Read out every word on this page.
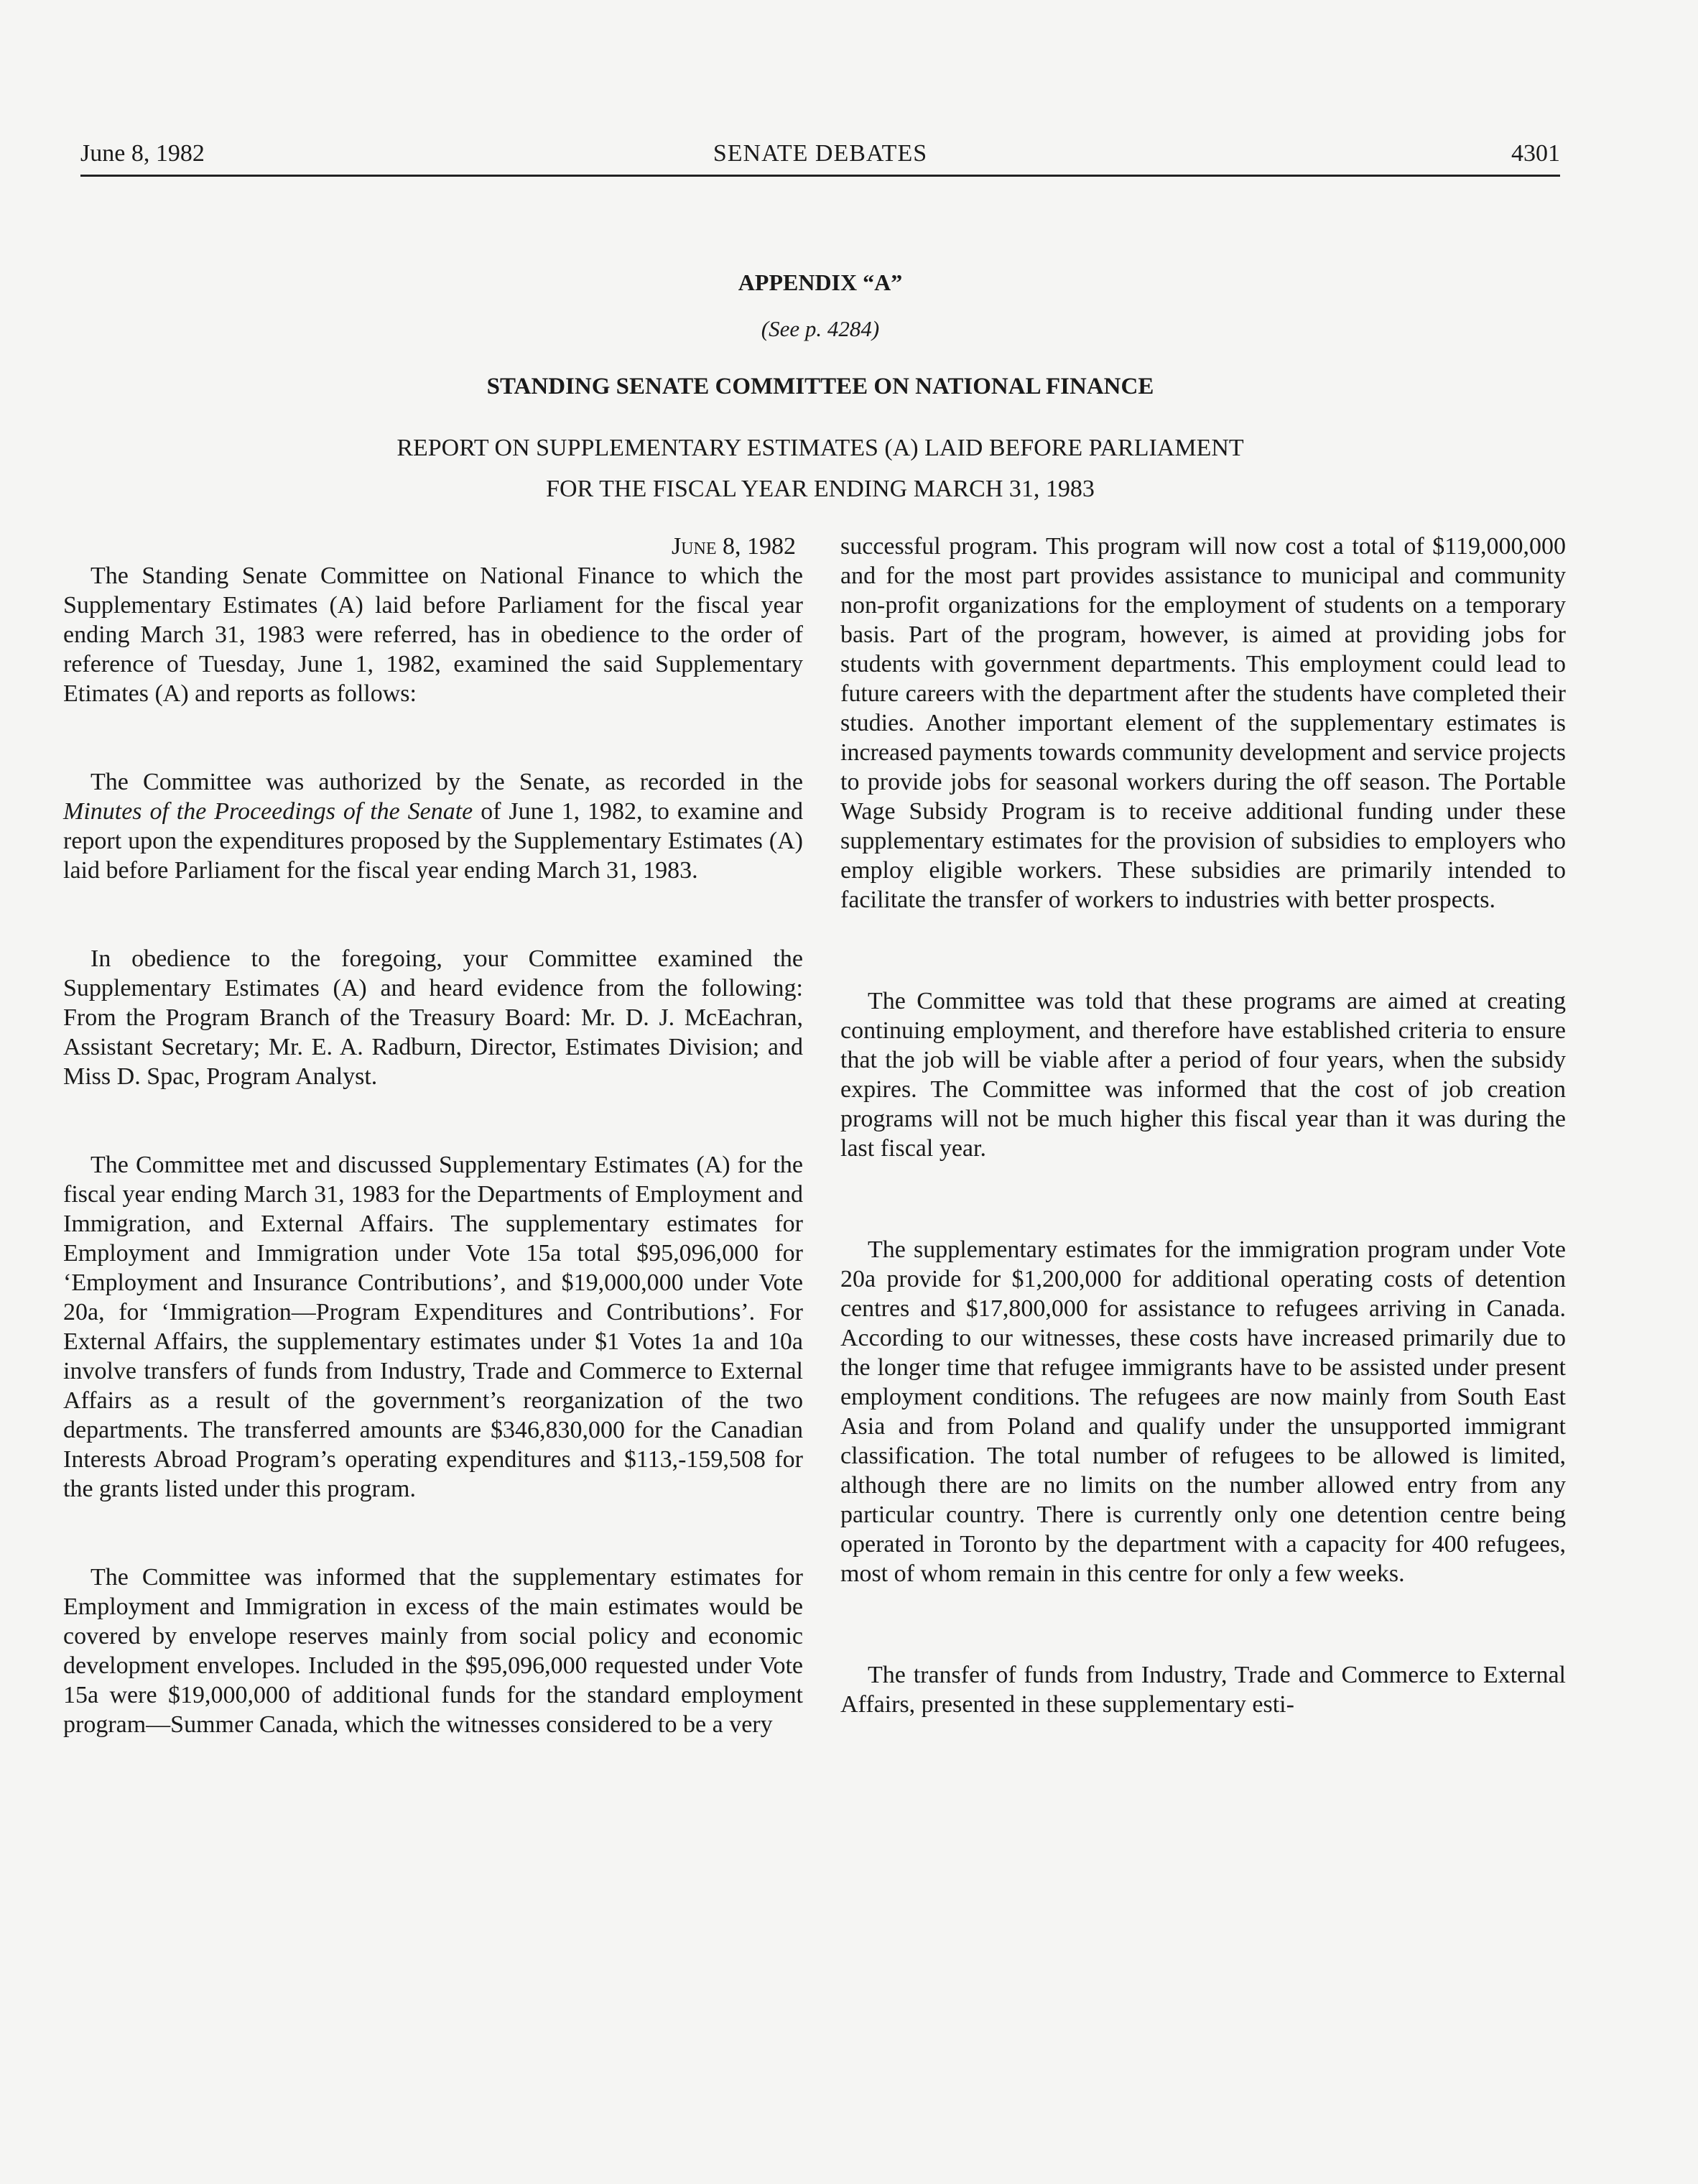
June 8, 1982	SENATE DEBATES	4301
APPENDIX “A”
(See p. 4284)
STANDING SENATE COMMITTEE ON NATIONAL FINANCE
REPORT ON SUPPLEMENTARY ESTIMATES (A) LAID BEFORE PARLIAMENT
FOR THE FISCAL YEAR ENDING MARCH 31, 1983
June 8, 1982

The Standing Senate Committee on National Finance to which the Supplementary Estimates (A) laid before Parliament for the fiscal year ending March 31, 1983 were referred, has in obedience to the order of reference of Tuesday, June 1, 1982, examined the said Supplementary Etimates (A) and reports as follows:

The Committee was authorized by the Senate, as recorded in the Minutes of the Proceedings of the Senate of June 1, 1982, to examine and report upon the expenditures proposed by the Supplementary Estimates (A) laid before Parliament for the fiscal year ending March 31, 1983.

In obedience to the foregoing, your Committee examined the Supplementary Estimates (A) and heard evidence from the following: From the Program Branch of the Treasury Board: Mr. D. J. McEachran, Assistant Secretary; Mr. E. A. Radburn, Director, Estimates Division; and Miss D. Spac, Program Analyst.

The Committee met and discussed Supplementary Estimates (A) for the fiscal year ending March 31, 1983 for the Departments of Employment and Immigration, and External Affairs. The supplementary estimates for Employment and Immigration under Vote 15a total $95,096,000 for ‘Employment and Insurance Contributions’, and $19,000,000 under Vote 20a, for ‘Immigration—Program Expenditures and Contributions’. For External Affairs, the supplementary estimates under $1 Votes 1a and 10a involve transfers of funds from Industry, Trade and Commerce to External Affairs as a result of the government’s reorganization of the two departments. The transferred amounts are $346,830,000 for the Canadian Interests Abroad Program’s operating expenditures and $113,-159,508 for the grants listed under this program.

The Committee was informed that the supplementary estimates for Employment and Immigration in excess of the main estimates would be covered by envelope reserves mainly from social policy and economic development envelopes. Included in the $95,096,000 requested under Vote 15a were $19,000,000 of additional funds for the standard employment program—Summer Canada, which the witnesses considered to be a very

successful program. This program will now cost a total of $119,000,000 and for the most part provides assistance to municipal and community non-profit organizations for the employment of students on a temporary basis. Part of the program, however, is aimed at providing jobs for students with government departments. This employment could lead to future careers with the department after the students have completed their studies. Another important element of the supplementary estimates is increased payments towards community development and service projects to provide jobs for seasonal workers during the off season. The Portable Wage Subsidy Program is to receive additional funding under these supplementary estimates for the provision of subsidies to employers who employ eligible workers. These subsidies are primarily intended to facilitate the transfer of workers to industries with better prospects.

The Committee was told that these programs are aimed at creating continuing employment, and therefore have established criteria to ensure that the job will be viable after a period of four years, when the subsidy expires. The Committee was informed that the cost of job creation programs will not be much higher this fiscal year than it was during the last fiscal year.

The supplementary estimates for the immigration program under Vote 20a provide for $1,200,000 for additional operating costs of detention centres and $17,800,000 for assistance to refugees arriving in Canada. According to our witnesses, these costs have increased primarily due to the longer time that refugee immigrants have to be assisted under present employment conditions. The refugees are now mainly from South East Asia and from Poland and qualify under the unsupported immigrant classification. The total number of refugees to be allowed is limited, although there are no limits on the number allowed entry from any particular country. There is currently only one detention centre being operated in Toronto by the department with a capacity for 400 refugees, most of whom remain in this centre for only a few weeks.

The transfer of funds from Industry, Trade and Commerce to External Affairs, presented in these supplementary esti-
